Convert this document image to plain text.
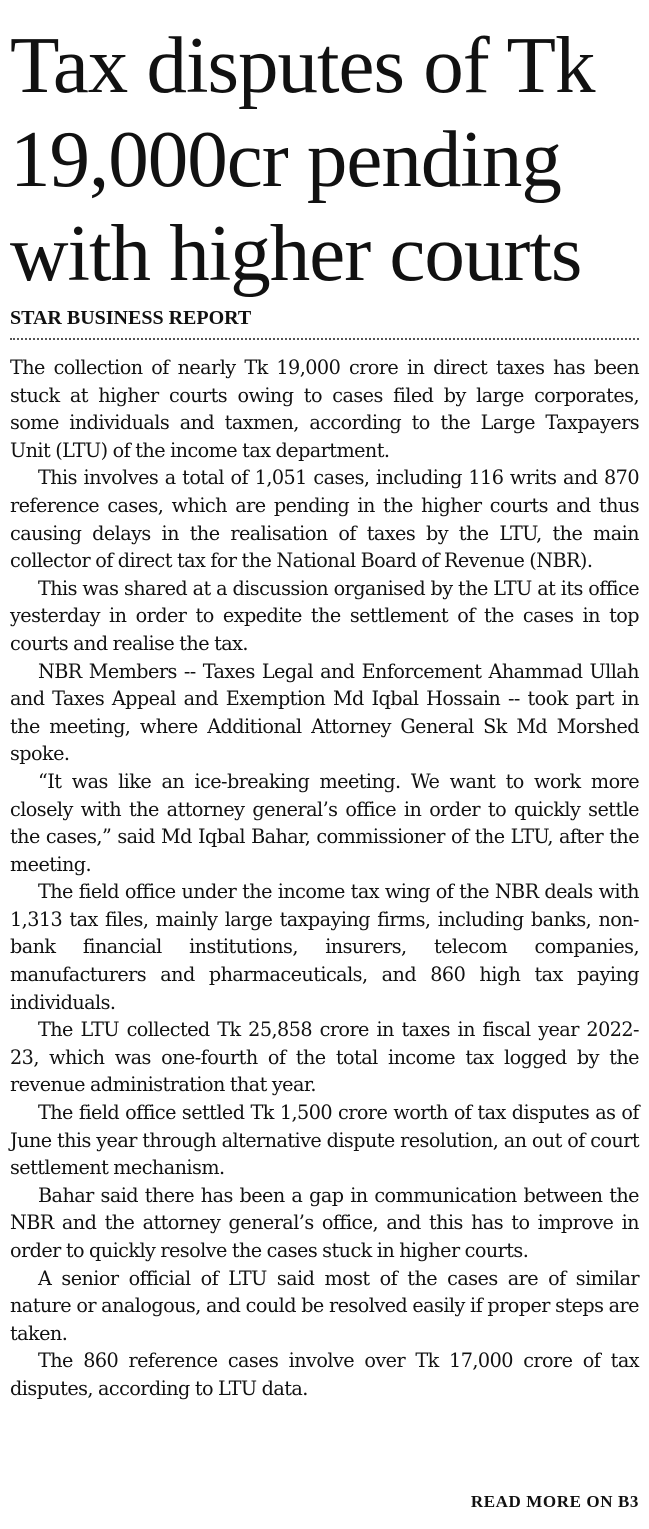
Tax disputes of Tk
19,000cr pending
with higher courts
STAR BUSINESS REPORT

The collection of nearly Tk 19,000 crore in direct taxes has been stuck at higher courts owing to cases filed by large corporates, some individuals and taxmen, according to the Large Taxpayers Unit (LTU) of the income tax department.

This involves a total of 1,051 cases, including 116 writs and 870 reference cases, which are pending in the higher courts and thus causing delays in the realisation of taxes by the LTU, the main collector of direct tax for the National Board of Revenue (NBR).

This was shared at a discussion organised by the LTU at its office yesterday in order to expedite the settlement of the cases in top courts and realise the tax.

NBR Members -- Taxes Legal and Enforcement Ahammad Ullah and Taxes Appeal and Exemption Md Iqbal Hossain -- took part in the meeting, where Additional Attorney General Sk Md Morshed spoke.

“It was like an ice-breaking meeting. We want to work more closely with the attorney general’s office in order to quickly settle the cases,” said Md Iqbal Bahar, commissioner of the LTU, after the meeting.

The field office under the income tax wing of the NBR deals with 1,313 tax files, mainly large taxpaying firms, including banks, non-bank financial institutions, insurers, telecom companies, manufacturers and pharmaceuticals, and 860 high tax paying individuals.

The LTU collected Tk 25,858 crore in taxes in fiscal year 2022-23, which was one-fourth of the total income tax logged by the revenue administration that year.

The field office settled Tk 1,500 crore worth of tax disputes as of June this year through alternative dispute resolution, an out of court settlement mechanism.

Bahar said there has been a gap in communication between the NBR and the attorney general’s office, and this has to improve in order to quickly resolve the cases stuck in higher courts.

A senior official of LTU said most of the cases are of similar nature or analogous, and could be resolved easily if proper steps are taken.

The 860 reference cases involve over Tk 17,000 crore of tax disputes, according to LTU data.

READ MORE ON B3
